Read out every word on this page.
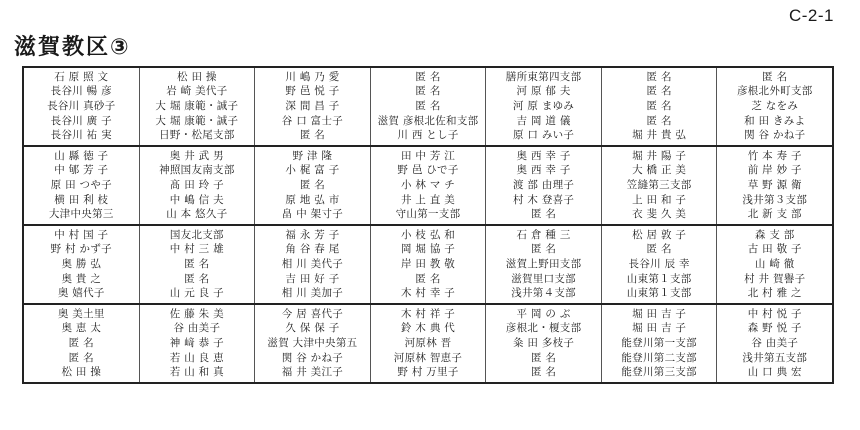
C-2-1
滋賀教区③
石 原 照 文
長谷川 暢 彦
長谷川 真砂子
長谷川 廣 子
長谷川 祐 実
松 田 操
岩 崎 美代子
大 堀 康範・誠子
大 堀 康範・誠子
日野・松尾支部
川 嶋 乃 愛
野 邑 悦 子
深 間 昌 子
谷 口 富士子
匿 名
匿 名
匿 名
匿 名
滋賀 彦根北佐和支部
川 西 とし子
膳所東第四支部
河 原 郁 夫
河 原 まゆみ
吉 岡 道 儀
原 口 みい子
匿 名
匿 名
匿 名
匿 名
堀 井 貴 弘
匿 名
彦根北外町支部
芝 なをみ
和 田 きみよ
関 谷 かね子
山 縣 徳 子
中 郇 芳 子
原 田 つや子
横 田 利 枝
大津中央第三
奥 井 武 男
神照国友南支部
髙 田 玲 子
中 嶋 信 夫
山 本 悠久子
野 津 隆
小 梶 富 子
匿 名
原 地 弘 市
畠 中 架寸子
田 中 芳 江
野 邑 ひで子
小 林 マ チ
井 上 直 美
守山第一支部
奥 西 幸 子
奥 西 幸 子
渡 部 由理子
村 木 登喜子
匿 名
堀 井 陽 子
大 橋 正 美
笠縫第三支部
上 田 和 子
衣 斐 久 美
竹 本 寿 子
前 岸 妙 子
草 野 源 衛
浅井第３支部
北 新 支 部
中 村 国 子
野 村 かず子
奥 勝 弘
奥 貴 之
奥 嬉代子
国友北支部
中 村 三 雄
匿 名
匿 名
山 元 良 子
福 永 芳 子
角 谷 春 尾
相 川 美代子
吉 田 好 子
相 川 美加子
小 枝 弘 和
岡 堀 協 子
岸 田 教 敬
匿 名
木 村 幸 子
石 倉 種 三
匿 名
滋賀上野田支部
滋賀里口支部
浅井第４支部
松 居 敦 子
匿 名
長谷川 辰 幸
山東第１支部
山東第１支部
森 支 部
古 田 敬 子
山 崎 徹
村 井 賀譽子
北 村 雅 之
奥 美土里
奥 恵 太
匿 名
匿 名
松 田 操
佐 藤 朱 美
谷 由美子
神 﨑 恭 子
若 山 良 恵
若 山 和 真
今 居 喜代子
久 保 保 子
滋賀 大津中央第五
関 谷 かね子
福 井 美江子
木 村 祥 子
鈴 木 典 代
河原林 晋
河原林 智恵子
野 村 万里子
平 岡 の ぶ
彦根北・榎支部
粂 田 多枝子
匿 名
匿 名
堀 田 吉 子
堀 田 吉 子
能登川第一支部
能登川第二支部
能登川第三支部
中 村 悦 子
森 野 悦 子
谷 由美子
浅井第五支部
山 口 典 宏
